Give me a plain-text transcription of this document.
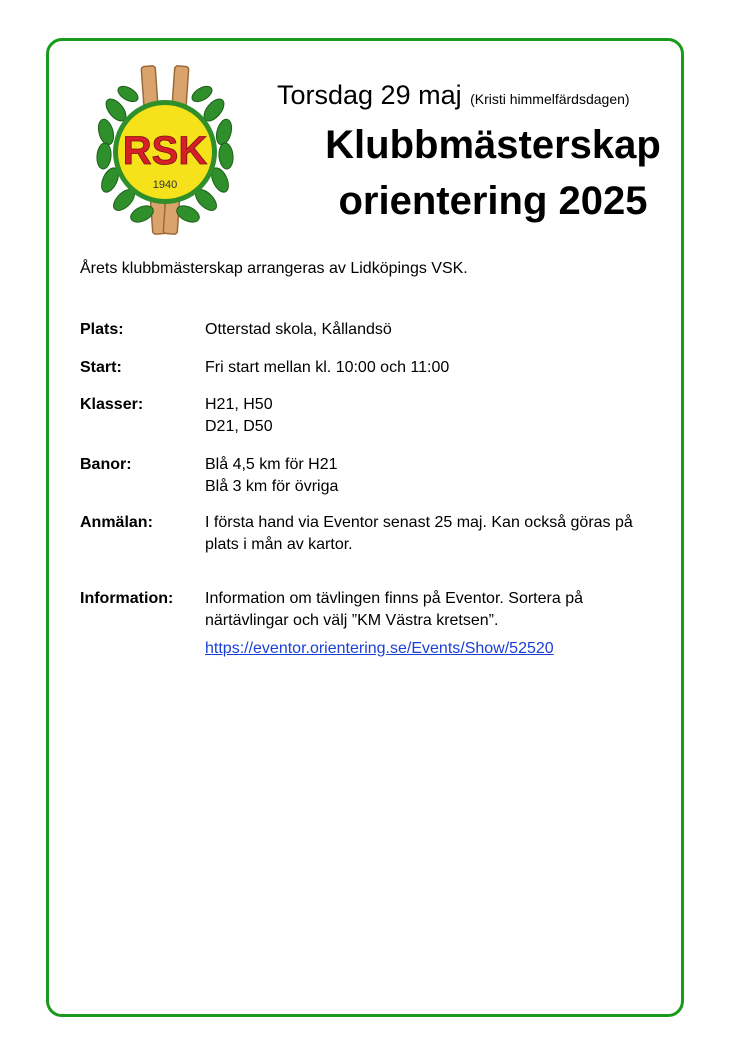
RSK
1940
Torsdag 29 maj (Kristi himmelfärdsdagen)
Klubbmästerskap
orientering 2025

Årets klubbmästerskap arrangeras av Lidköpings VSK.

Plats:	Otterstad skola, Kållandsö
Start:	Fri start mellan kl. 10:00 och 11:00
Klasser:	H21, H50
D21, D50
Banor:	Blå 4,5 km för H21
Blå 3 km för övriga
Anmälan:	I första hand via Eventor senast 25 maj. Kan också göras på
plats i mån av kartor.
Information: Information om tävlingen finns på Eventor. Sortera på
närtävlingar och välj ”KM Västra kretsen”.
https://eventor.orientering.se/Events/Show/52520
